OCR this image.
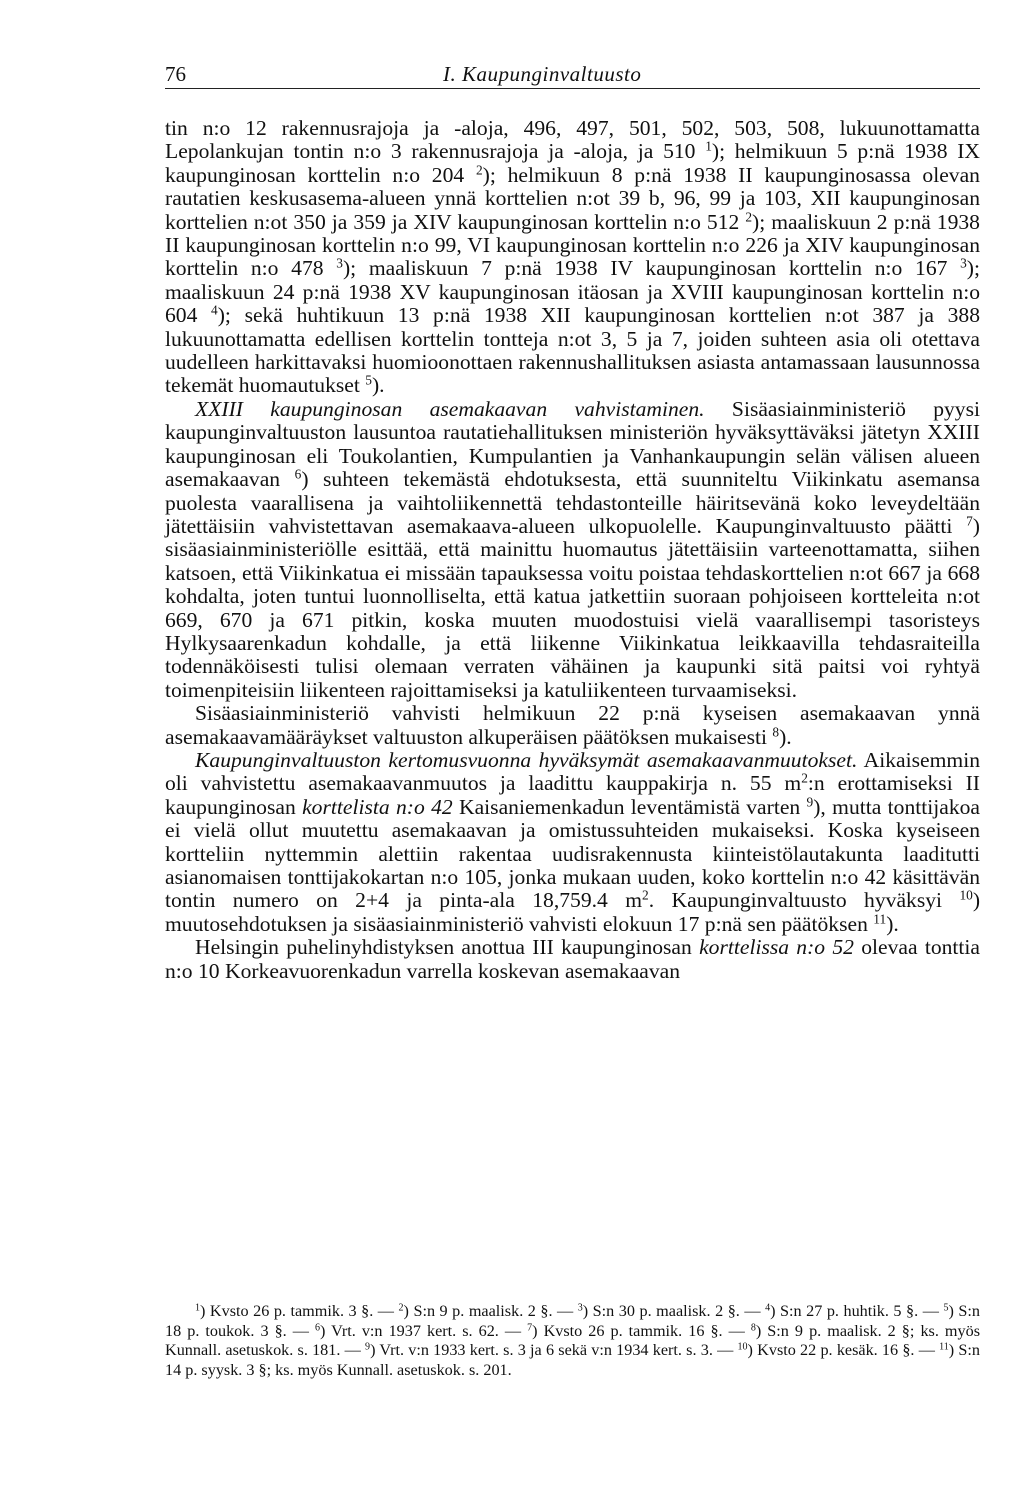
76	I. Kaupunginvaltuusto

tin n:o 12 rakennusrajoja ja -aloja, 496, 497, 501, 502, 503, 508, lukuunottamatta Lepolankujan tontin n:o 3 rakennusrajoja ja -aloja, ja 510 $^1$); helmikuun 5 p:nä 1938 IX kaupunginosan korttelin n:o 204 $^2$); helmikuun 8 p:nä 1938 II kaupunginosassa olevan rautatien keskusasema-alueen ynnä korttelien n:ot 39 b, 96, 99 ja 103, XII kaupunginosan korttelien n:ot 350 ja 359 ja XIV kaupunginosan korttelin n:o 512 $^2$); maaliskuun 2 p:nä 1938 II kaupunginosan korttelin n:o 99, VI kaupunginosan korttelin n:o 226 ja XIV kaupunginosan korttelin n:o 478 $^3$); maaliskuun 7 p:nä 1938 IV kaupunginosan korttelin n:o 167 $^3$); maaliskuun 24 p:nä 1938 XV kaupunginosan itäosan ja XVIII kaupunginosan korttelin n:o 604 $^4$); sekä huhtikuun 13 p:nä 1938 XII kaupunginosan korttelien n:ot 387 ja 388 lukuunottamatta edellisen korttelin tontteja n:ot 3, 5 ja 7, joiden suhteen asia oli otettava uudelleen harkittavaksi huomioonottaen rakennushallituksen asiasta antamassaan lausunnossa tekemät huomautukset $^5$).

XXIII kaupunginosan asemakaavan vahvistaminen. Sisäasiainministeriö pyysi kaupunginvaltuuston lausuntoa rautatiehallituksen ministeriön hyväksyttäväksi jätetyn XXIII kaupunginosan eli Toukolantien, Kumpulantien ja Vanhankaupungin selän välisen alueen asemakaavan $^6$) suhteen tekemästä ehdotuksesta, että suunniteltu Viikinkatu asemansa puolesta vaarallisena ja vaihtoliikennettä tehdastonteille häiritsevänä koko leveydeltään jätettäisiin vahvistettavan asemakaava-alueen ulkopuolelle. Kaupunginvaltuusto päätti $^7$) sisäasiainministeriölle esittää, että mainittu huomautus jätettäisiin varteenottamatta, siihen katsoen, että Viikinkatua ei missään tapauksessa voitu poistaa tehdaskorttelien n:ot 667 ja 668 kohdalta, joten tuntui luonnolliselta, että katua jatkettiin suoraan pohjoiseen kortteleita n:ot 669, 670 ja 671 pitkin, koska muuten muodostuisi vielä vaarallisempi tasoristeys Hylkysaarenkadun kohdalle, ja että liikenne Viikinkatua leikkaavilla tehdasraiteilla todennäköisesti tulisi olemaan verraten vähäinen ja kaupunki sitä paitsi voi ryhtyä toimenpiteisiin liikenteen rajoittamiseksi ja katuliikenteen turvaamiseksi.

Sisäasiainministeriö vahvisti helmikuun 22 p:nä kyseisen asemakaavan ynnä asemakaavamääräykset valtuuston alkuperäisen päätöksen mukaisesti $^8$).

Kaupunginvaltuuston kertomusvuonna hyväksymät asemakaavanmuutokset. Aikaisemmin oli vahvistettu asemakaavanmuutos ja laadittu kauppakirja n. 55 $m^2:n$ erottamiseksi II kaupunginosan korttelista n:o 42 Kaisaniemenkadun leventämistä varten $^9$), mutta tonttijakoa ei vielä ollut muutettu asemakaavan ja omistussuhteiden mukaiseksi. Koska kyseiseen kortteliin nyttemmin alettiin rakentaa uudisrakennusta kiinteistölautakunta laadituttі asianomaisen tonttijakokartan n:o 105, jonka mukaan uuden, koko korttelin n:o 42 käsittävän tontin numero on 2+4 ja pinta-ala 18,759.4 $m^2$. Kaupunginvaltuusto hyväksyi $^{10}$) muutosehdotuksen ja sisäasiainministeriö vahvisti elokuun 17 p:nä sen päätöksen $^{11}$).

Helsingin puhelinyhdistyksen anottua III kaupunginosan korttelissa n:o 52 olevaa tonttia n:o 10 Korkeavuorenkadun varrella koskevan asemakaavan

$^1$) Kvsto 26 p. tammik. 3 §. — $^2$) S:n 9 p. maalisk. 2 §. — $^3$) S:n 30 p. maalisk. 2 §. — $^4$) S:n 27 p. huhtik. 5 §. — $^5$) S:n 18 p. toukok. 3 §. — $^6$) Vrt. v:n 1937 kert. s. 62. — $^7$) Kvsto 26 p. tammik. 16 §. — $^8$) S:n 9 p. maalisk. 2 §; ks. myös Kunnall. asetuskok. s. 181. — $^9$) Vrt. v:n 1933 kert. s. 3 ja 6 sekä v:n 1934 kert. s. 3. — $^{10}$) Kvsto 22 p. kesäk. 16 §. — $^{11}$) S:n 14 p. syysk. 3 §; ks. myös Kunnall. asetuskok. s. 201.
